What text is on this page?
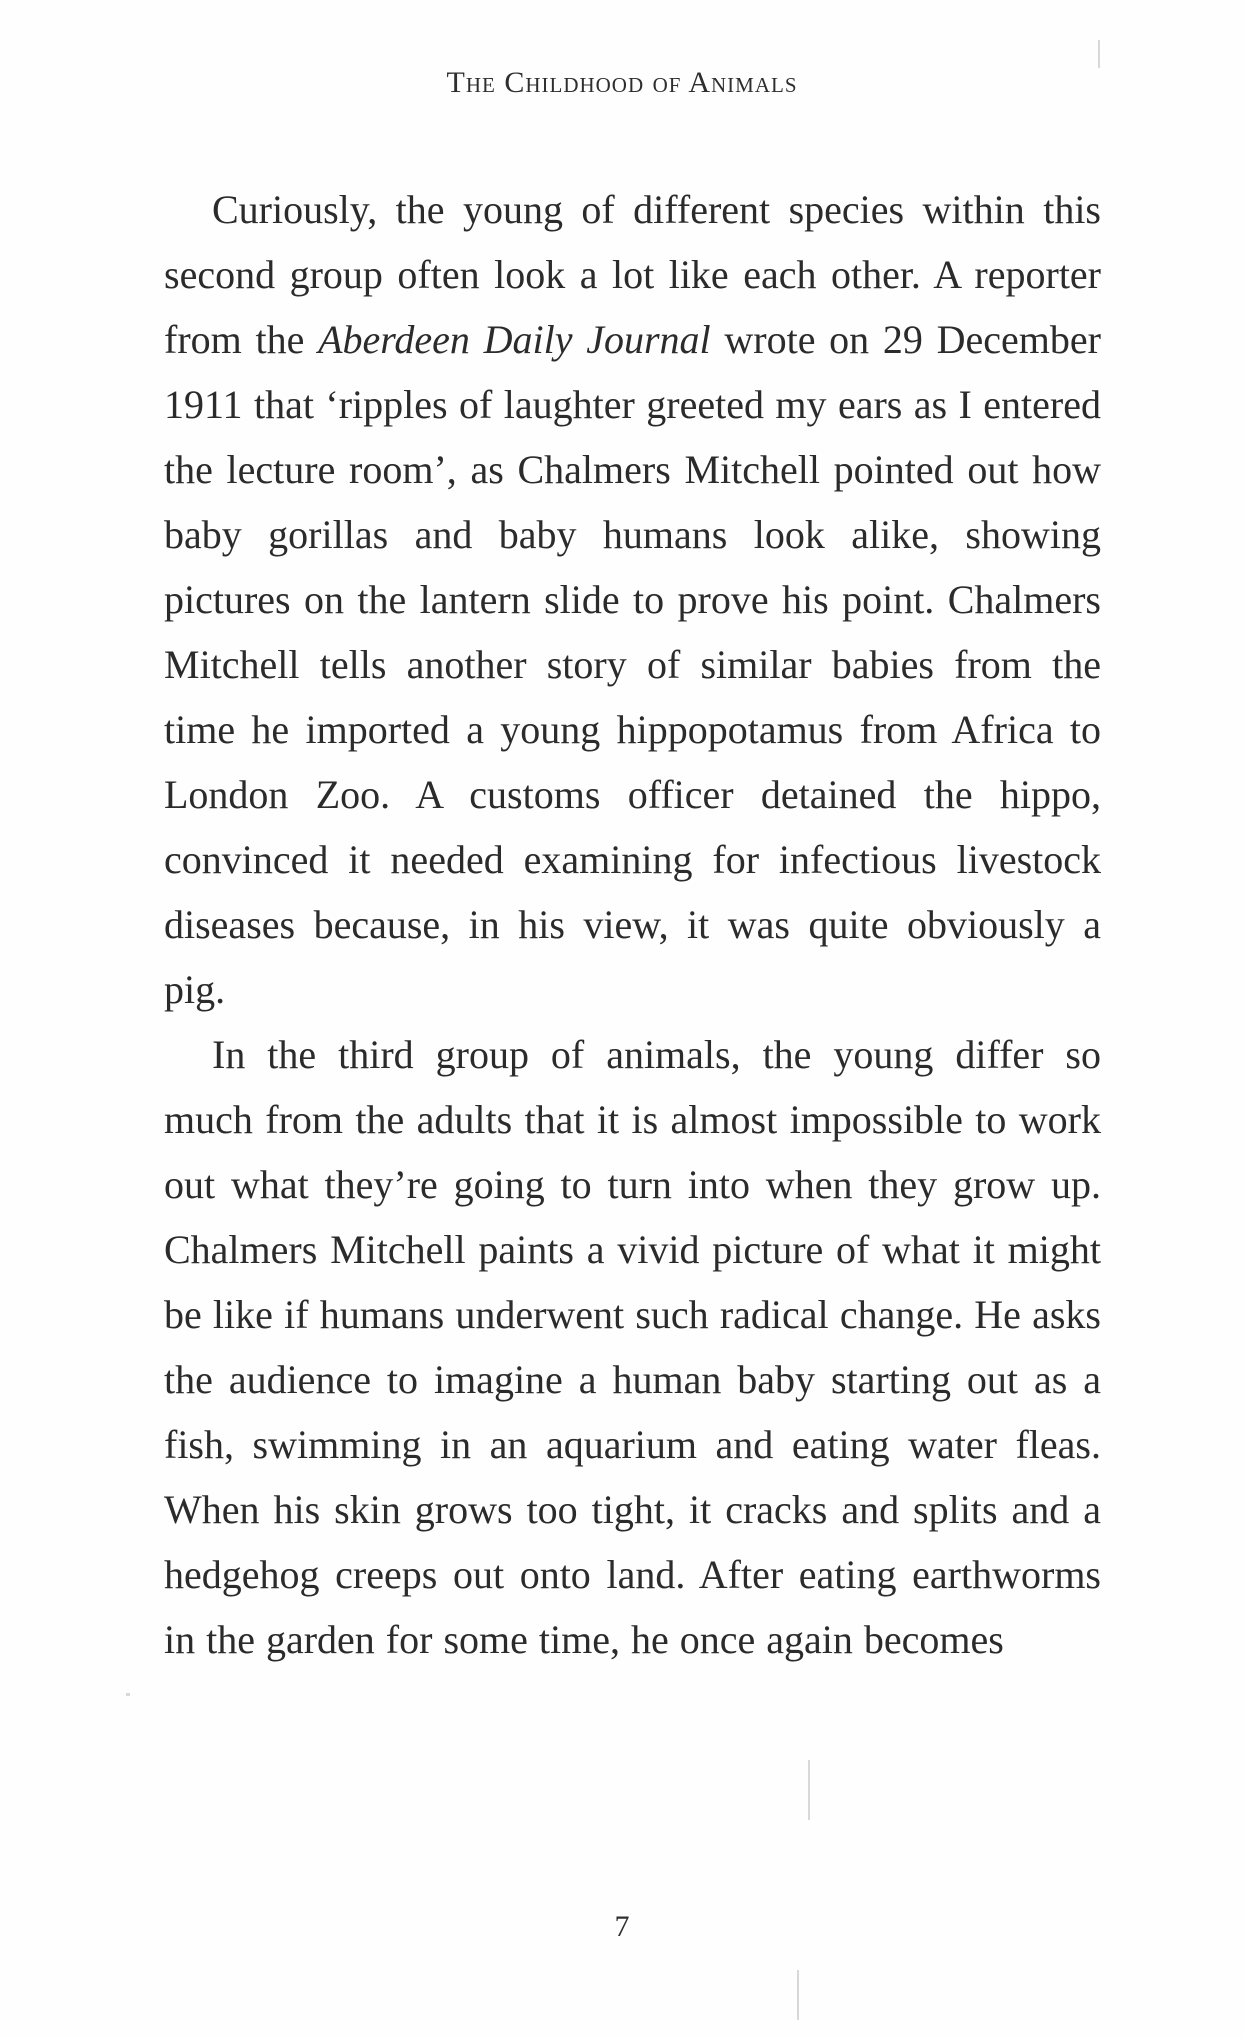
The Childhood of Animals

Curiously, the young of different species within this second group often look a lot like each other. A reporter from the Aberdeen Daily Journal wrote on 29 December 1911 that ‘ripples of laughter greeted my ears as I entered the lecture room’, as Chalmers Mitchell pointed out how baby gorillas and baby humans look alike, showing pictures on the lantern slide to prove his point. Chalmers Mitchell tells another story of similar babies from the time he imported a young hippopotamus from Africa to London Zoo. A customs officer detained the hippo, convinced it needed examining for infectious livestock diseases because, in his view, it was quite obviously a pig.

In the third group of animals, the young differ so much from the adults that it is almost impossible to work out what they’re going to turn into when they grow up. Chalmers Mitchell paints a vivid picture of what it might be like if humans underwent such radical change. He asks the audience to imagine a human baby starting out as a fish, swimming in an aquarium and eating water fleas. When his skin grows too tight, it cracks and splits and a hedgehog creeps out onto land. After eating earthworms in the garden for some time, he once again becomes

7
